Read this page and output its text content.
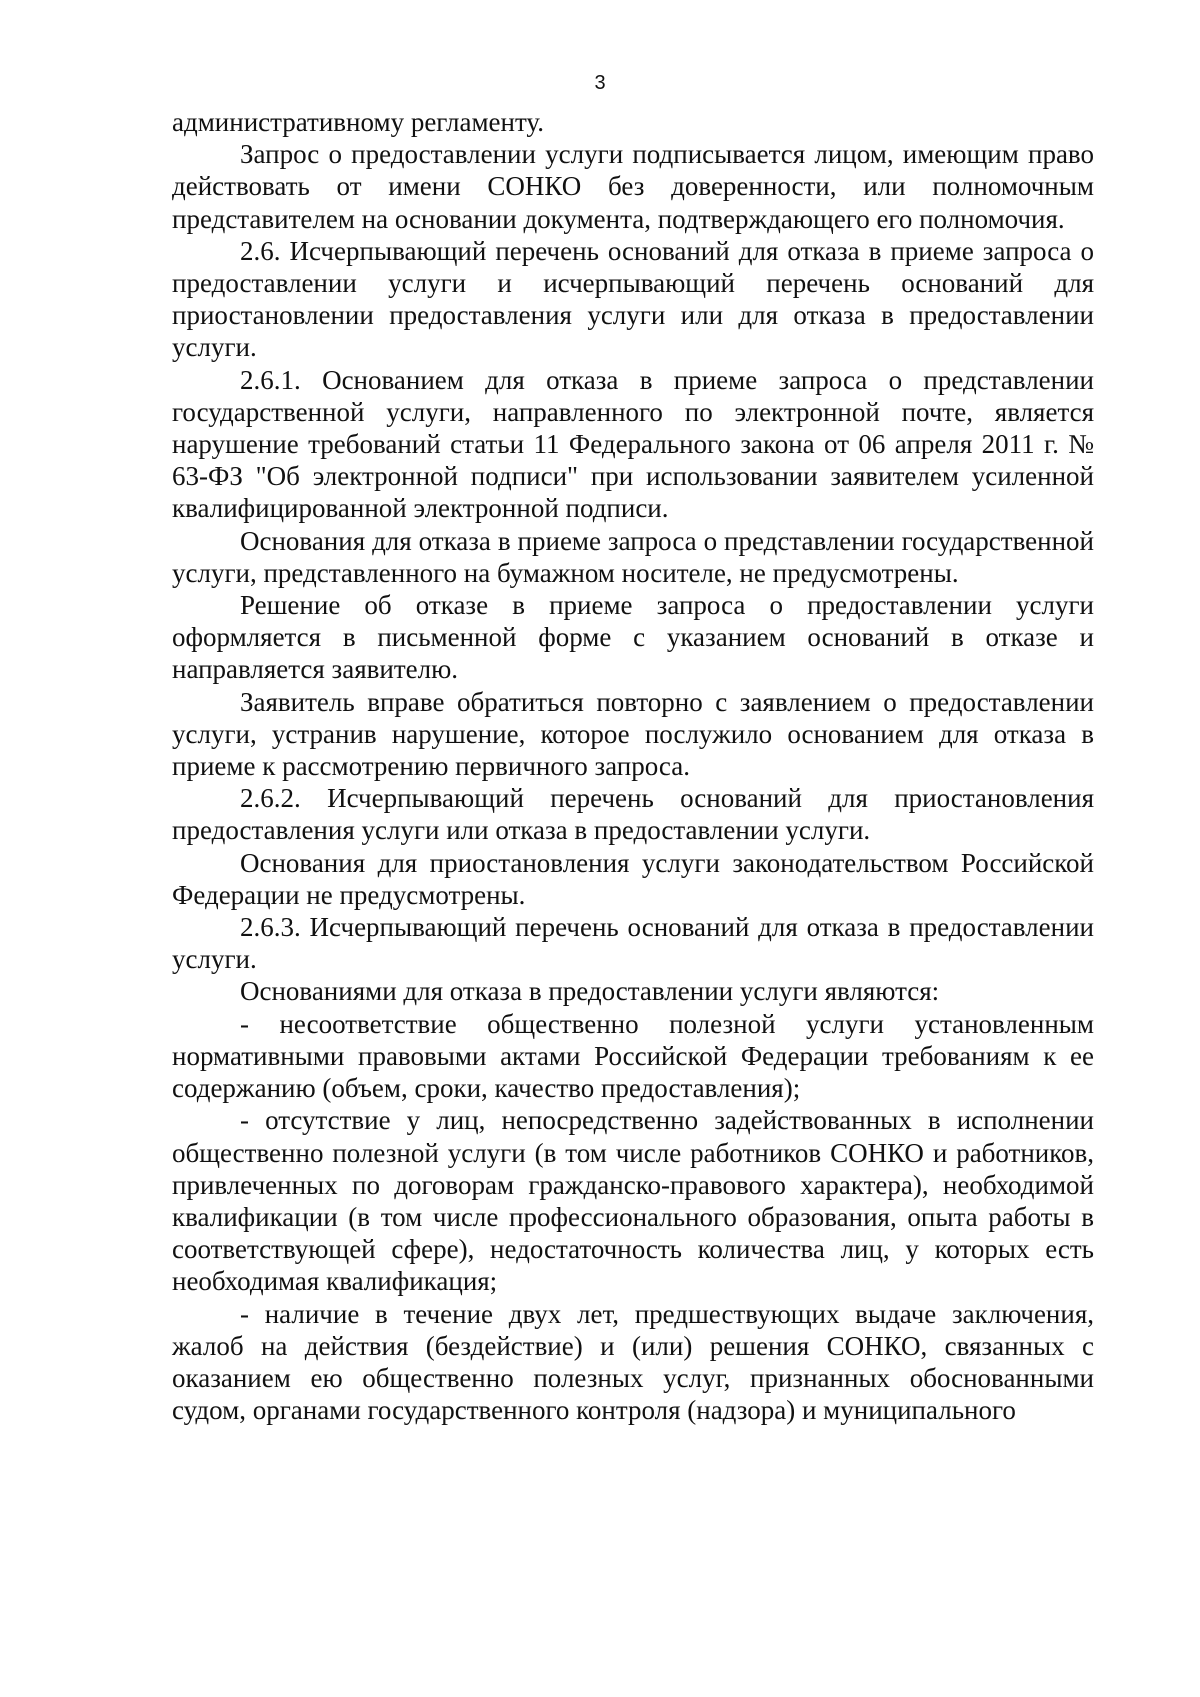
3

административному регламенту.

Запрос о предоставлении услуги подписывается лицом, имеющим право действовать от имени СОНКО без доверенности, или полномочным представителем на основании документа, подтверждающего его полномочия.

2.6. Исчерпывающий перечень оснований для отказа в приеме запроса о предоставлении услуги и исчерпывающий перечень оснований для приостановлении предоставления услуги или для отказа в предоставлении услуги.

2.6.1. Основанием для отказа в приеме запроса о представлении государственной услуги, направленного по электронной почте, является нарушение требований статьи 11 Федерального закона от 06 апреля 2011 г. № 63-ФЗ "Об электронной подписи" при использовании заявителем усиленной квалифицированной электронной подписи.

Основания для отказа в приеме запроса о представлении государственной услуги, представленного на бумажном носителе, не предусмотрены.

Решение об отказе в приеме запроса о предоставлении услуги оформляется в письменной форме с указанием оснований в отказе и направляется заявителю.

Заявитель вправе обратиться повторно с заявлением о предоставлении услуги, устранив нарушение, которое послужило основанием для отказа в приеме к рассмотрению первичного запроса.

2.6.2. Исчерпывающий перечень оснований для приостановления предоставления услуги или отказа в предоставлении услуги.

Основания для приостановления услуги законодательством Российской Федерации не предусмотрены.

2.6.3. Исчерпывающий перечень оснований для отказа в предоставлении услуги.

Основаниями для отказа в предоставлении услуги являются:

- несоответствие общественно полезной услуги установленным нормативными правовыми актами Российской Федерации требованиям к ее содержанию (объем, сроки, качество предоставления);

- отсутствие у лиц, непосредственно задействованных в исполнении общественно полезной услуги (в том числе работников СОНКО и работников, привлеченных по договорам гражданско-правового характера), необходимой квалификации (в том числе профессионального образования, опыта работы в соответствующей сфере), недостаточность количества лиц, у которых есть необходимая квалификация;

- наличие в течение двух лет, предшествующих выдаче заключения, жалоб на действия (бездействие) и (или) решения СОНКО, связанных с оказанием ею общественно полезных услуг, признанных обоснованными судом, органами государственного контроля (надзора) и муниципального
